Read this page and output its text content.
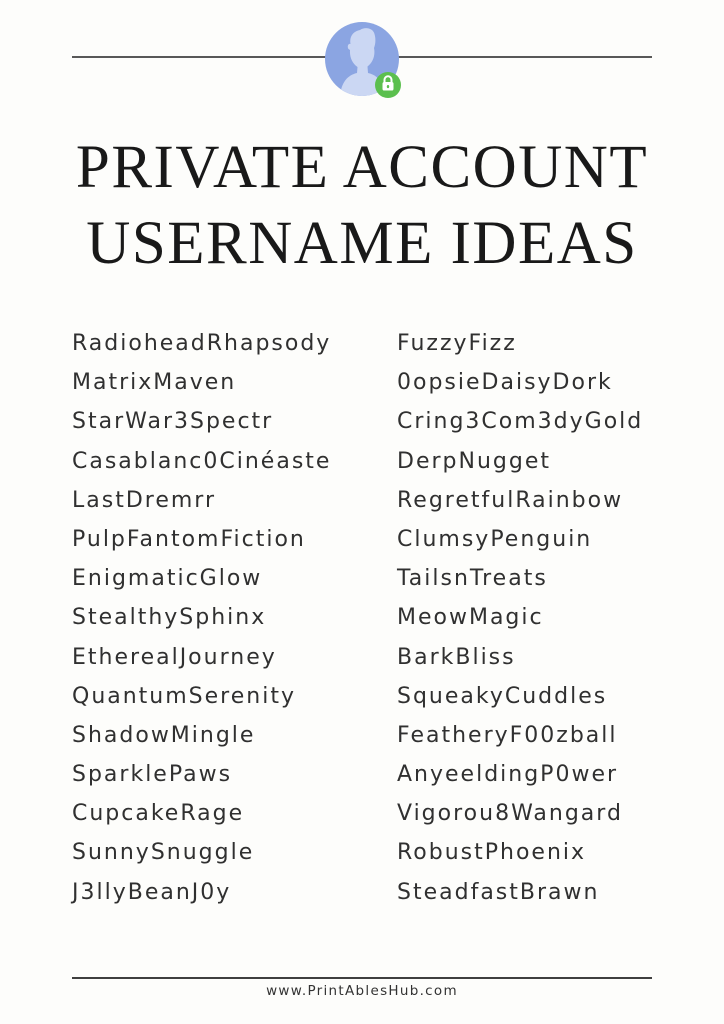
PRIVATE ACCOUNT
USERNAME IDEAS
RadioheadRhapsody
MatrixMaven
StarWar3Spectr
Casablanc0Cinéaste
LastDremrr
PulpFantomFiction
EnigmaticGlow
StealthySphinx
EtherealJourney
QuantumSerenity
ShadowMingle
SparklePaws
CupcakeRage
SunnySnuggle
J3llyBeanJ0y
FuzzyFizz
0opsieDaisyDork
Cring3Com3dyGold
DerpNugget
RegretfulRainbow
ClumsyPenguin
TailsnTreats
MeowMagic
BarkBliss
SqueakyCuddles
FeatheryF00zball
AnyeeldingP0wer
Vigorou8Wangard
RobustPhoenix
SteadfastBrawn
www.PrintAblesHub.com
